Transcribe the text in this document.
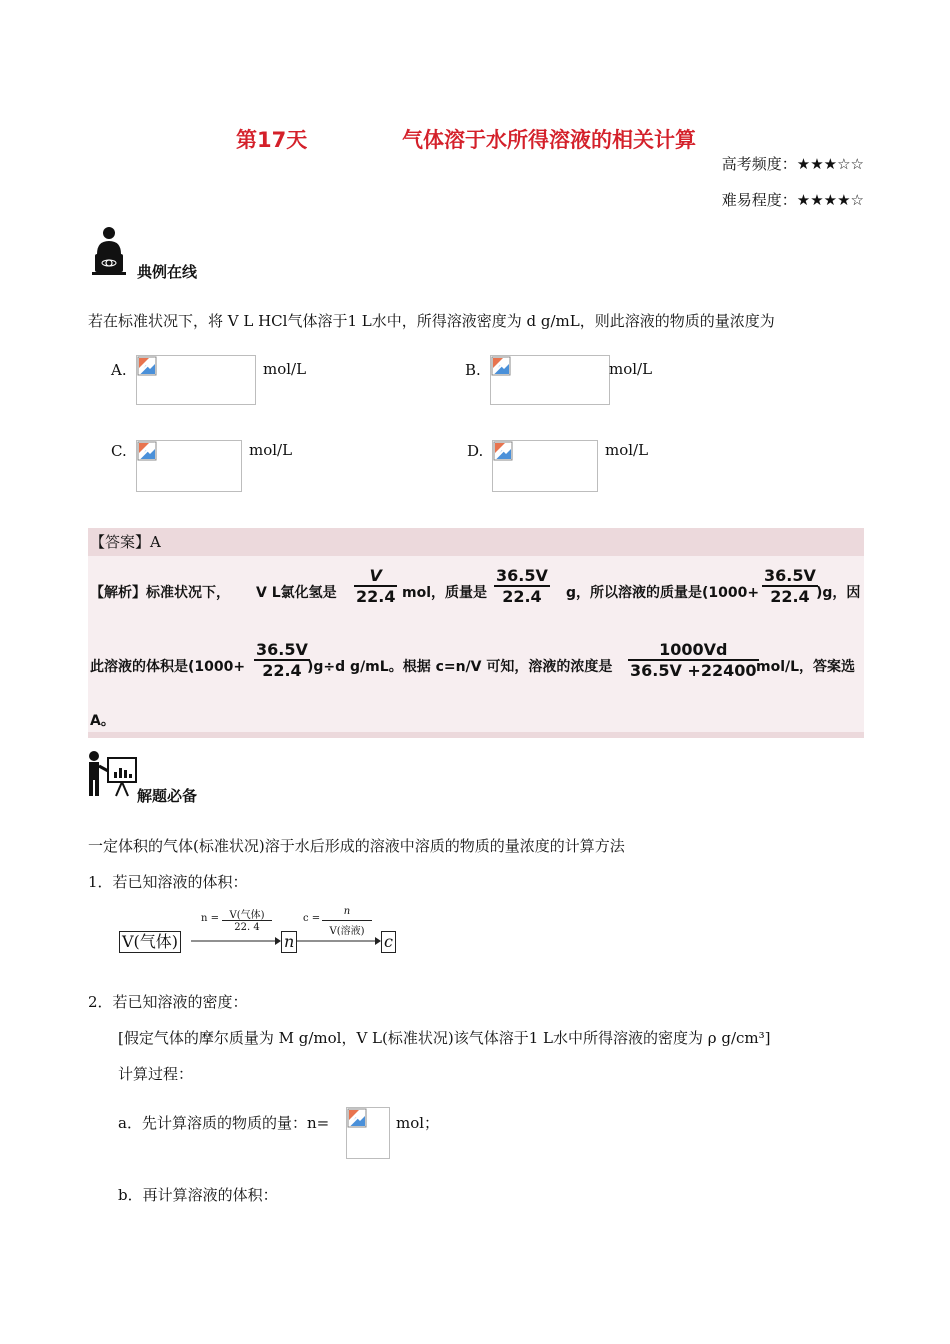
第17天	气体溶于水所得溶液的相关计算
高考频度：★★★☆☆
难易程度：★★★★☆
典例在线
若在标准状况下，将 V L HCl气体溶于1 L水中，所得溶液密度为 d g/mL，则此溶液的物质的量浓度为
A.	mol/L	B.	mol/L
C.	mol/L	D.	mol/L
【答案】A
【解析】标准状况下， V L氯化氢是 $\frac{V}{22.4}$ mol，质量是 $\frac{36.5V}{22.4}$ g，所以溶液的质量是($1000+ \frac{36.5V}{22.4}$
)g，因
此溶液的体积是($1000+ \frac{36.5V}{22.4}$
)g÷d g/mL。根据 c=n/V 可知，溶液的浓度是 $\frac{1000Vd}{36.5V +22400}$
mol/L，答案选
A。
解题必备
一定体积的气体(标准状况)溶于水后形成的溶液中溶质的物质的量浓度的计算方法
1．若已知溶液的体积：
V(气体)
n =	V(气体)
22. 4
n
c =
n
V(溶液)
c
2．若已知溶液的密度：
[假定气体的摩尔质量为 M g/mol，V L(标准状况)该气体溶于1 L水中所得溶液的密度为 ρ g/cm³]
计算过程：
a．先计算溶质的物质的量：n=	mol；
b．再计算溶液的体积：
